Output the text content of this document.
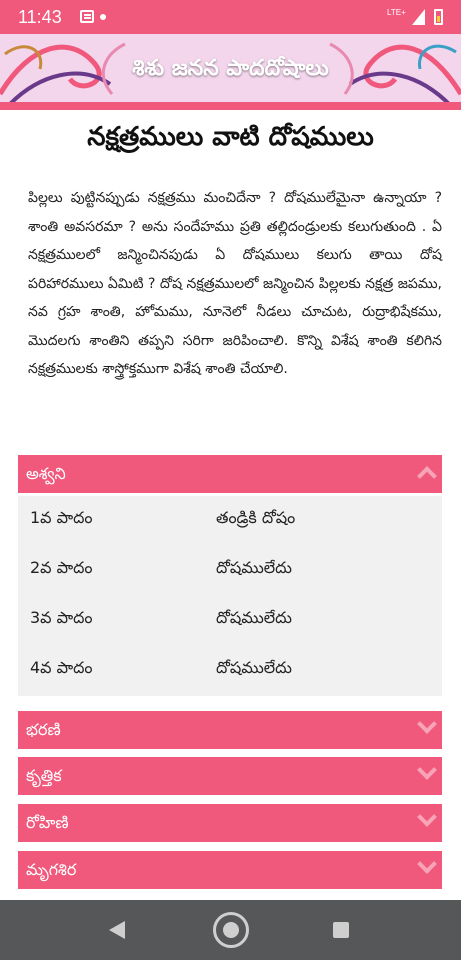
11:43	LTE+
శిశు జనన పాదదోషాలు
నక్షత్రములు వాటి దోషములు

పిల్లలు పుట్టినప్పుడు నక్షత్రము మంచిదేనా ? దోషములేమైనా ఉన్నాయా ? శాంతి అవసరమా ? అను సందేహము ప్రతి తల్లిదండ్రులకు కలుగుతుంది . ఏ నక్షత్రములలో జన్మించినపుడు ఏ దోషములు కలుగు తాయి దోష పరిహారములు ఏమిటి ? దోష నక్షత్రములలో జన్మించిన పిల్లలకు నక్షత్ర జపము, నవ గ్రహ శాంతి, హోమము, నూనెలో నీడలు చూచుట, రుద్రాభిషేకము, మొదలగు శాంతిని తప్పని సరిగా జరిపించాలి. కొన్ని విశేష శాంతి కలిగిన నక్షత్రములకు శాస్త్రోక్తముగా విశేష శాంతి చేయాలి.

అశ్వని
1వ పాదం	తండ్రికి దోషం
2వ పాదం	దోషములేదు
3వ పాదం	దోషములేదు
4వ పాదం	దోషములేదు
భరణి
కృత్తిక
రోహిణి
మృగశిర
